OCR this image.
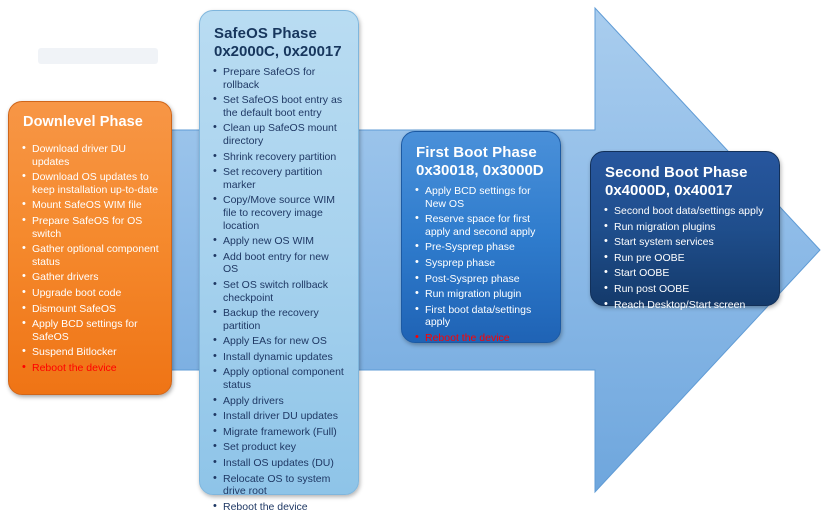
Downlevel Phase
• Download driver DU updates
• Download OS updates to keep installation up-to-date
• Mount SafeOS WIM file
• Prepare SafeOS for OS switch
• Gather optional component status
• Gather drivers
• Upgrade boot code
• Dismount SafeOS
• Apply BCD settings for SafeOS
• Suspend Bitlocker
• Reboot the device
SafeOS Phase
0x2000C, 0x20017
• Prepare SafeOS for rollback
• Set SafeOS boot entry as the default boot entry
• Clean up SafeOS mount directory
• Shrink recovery partition
• Set recovery partition marker
• Copy/Move source WIM file to recovery image location
• Apply new OS WIM
• Add boot entry for new OS
• Set OS switch rollback checkpoint
• Backup the recovery partition
• Apply EAs for new OS
• Install dynamic updates
• Apply optional component status
• Apply drivers
• Install driver DU updates
• Migrate framework (Full)
• Set product key
• Install OS updates (DU)
• Relocate OS to system drive root
• Reboot the device
First Boot Phase
0x30018, 0x3000D
• Apply BCD settings for New OS
• Reserve space for first apply and second apply
• Pre-Sysprep phase
• Sysprep phase
• Post-Sysprep phase
• Run migration plugin
• First boot data/settings apply
• Reboot the device
Second Boot Phase
0x4000D, 0x40017
• Second boot data/settings apply
• Run migration plugins
• Start system services
• Run pre OOBE
• Start OOBE
• Run post OOBE
• Reach Desktop/Start screen
